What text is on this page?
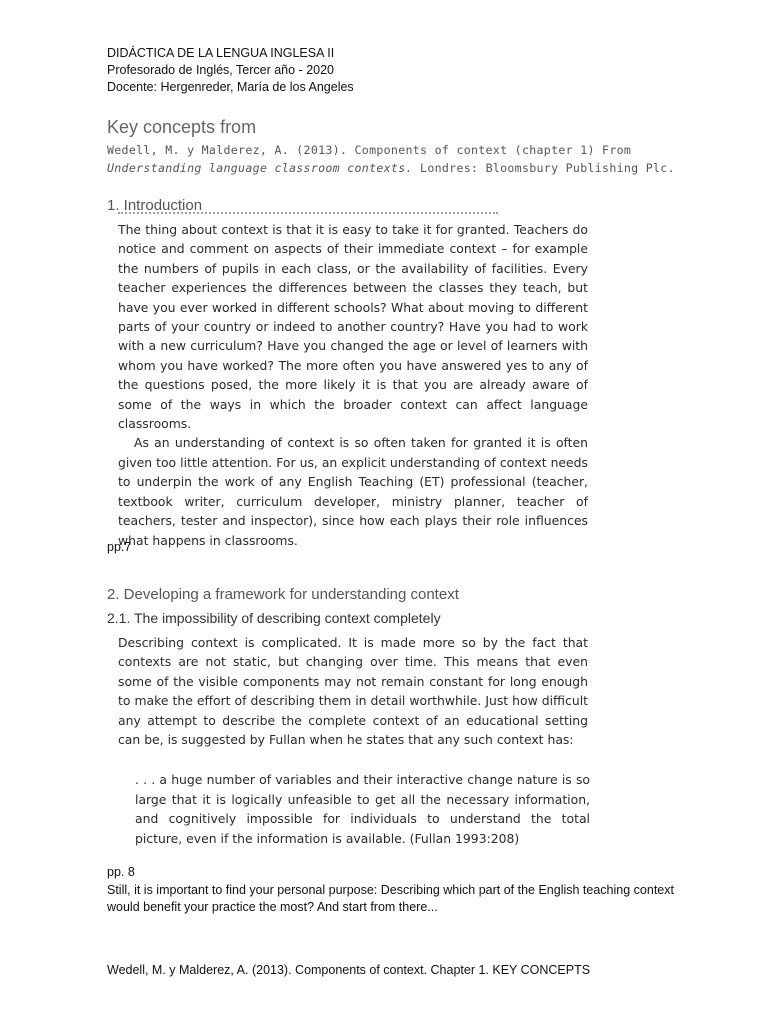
DIDÁCTICA DE LA LENGUA INGLESA II
Profesorado de Inglés, Tercer año - 2020
Docente: Hergenreder, María de los Angeles
Key concepts from
Wedell, M. y Malderez, A. (2013). Components of context (chapter 1) From
Understanding language classroom contexts. Londres: Bloomsbury Publishing Plc.
1. Introduction

The thing about context is that it is easy to take it for granted. Teachers do notice and comment on aspects of their immediate context – for example the numbers of pupils in each class, or the availability of facilities. Every teacher experiences the differences between the classes they teach, but have you ever worked in different schools? What about moving to different parts of your country or indeed to another country? Have you had to work with a new curriculum? Have you changed the age or level of learners with whom you have worked? The more often you have answered yes to any of the questions posed, the more likely it is that you are already aware of some of the ways in which the broader context can affect language classrooms.

As an understanding of context is so often taken for granted it is often given too little attention. For us, an explicit understanding of context needs to underpin the work of any English Teaching (ET) professional (teacher, textbook writer, curriculum developer, ministry planner, teacher of teachers, tester and inspector), since how each plays their role influences what happens in classrooms.

pp.7
2. Developing a framework for understanding context
2.1. The impossibility of describing context completely

Describing context is complicated. It is made more so by the fact that contexts are not static, but changing over time. This means that even some of the visible components may not remain constant for long enough to make the effort of describing them in detail worthwhile. Just how difficult any attempt to describe the complete context of an educational setting can be, is suggested by Fullan when he states that any such context has:

. . . a huge number of variables and their interactive change nature is so large that it is logically unfeasible to get all the necessary information, and cognitively impossible for individuals to understand the total picture, even if the information is available. (Fullan 1993:208)
pp. 8
Still, it is important to find your personal purpose: Describing which part of the English teaching context would benefit your practice the most? And start from there...
Wedell, M. y Malderez, A. (2013). Components of context. Chapter 1. KEY CONCEPTS
